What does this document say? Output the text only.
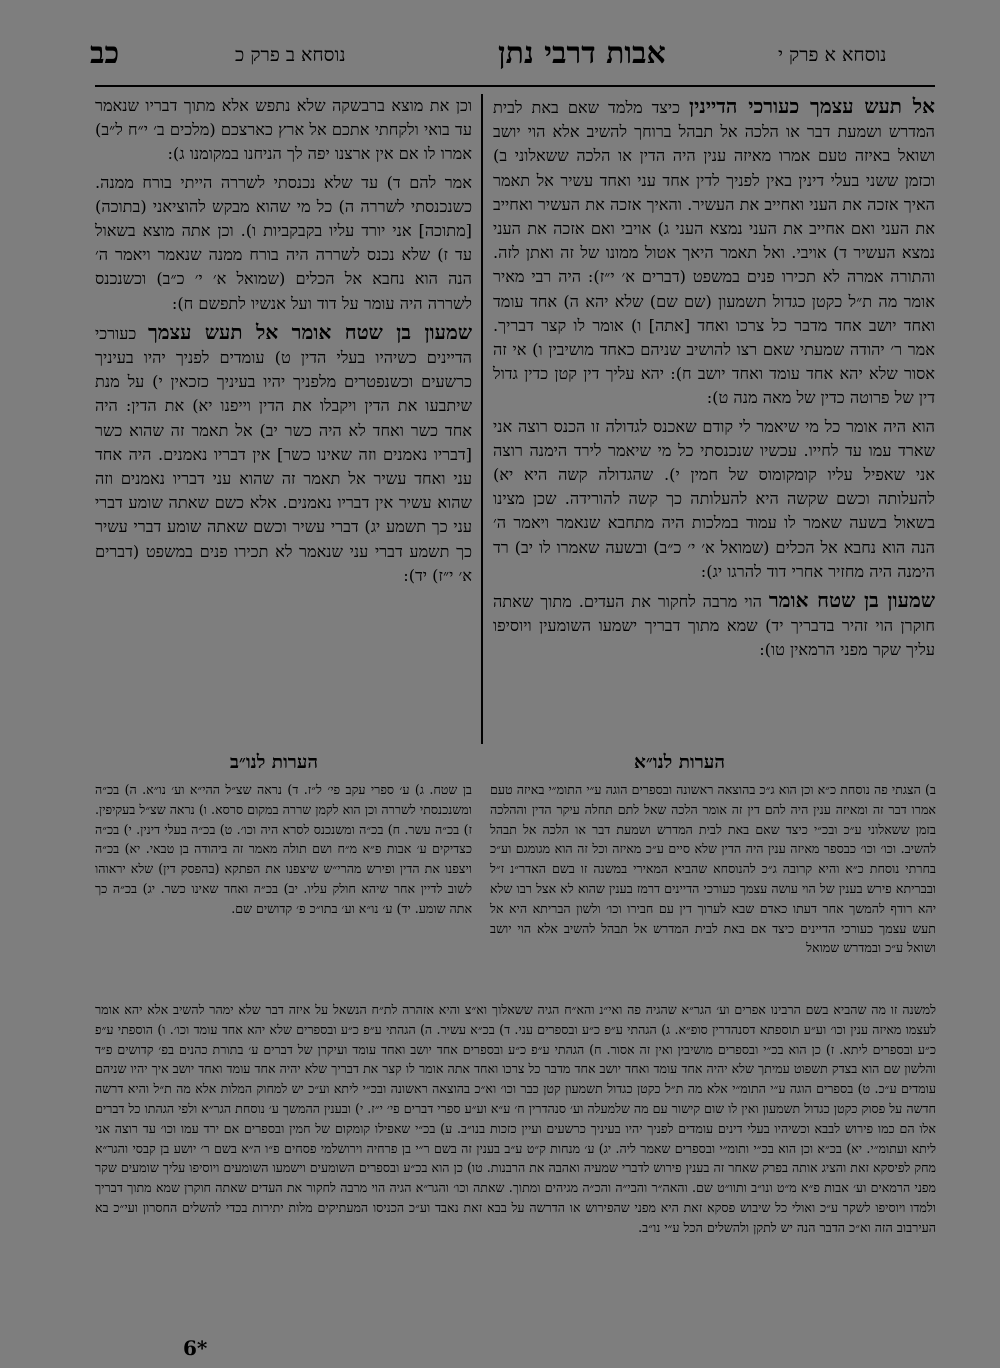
כב	נוסחא ב פרק כ	אבות דרבי נתן	נוסחא א פרק י

אל תעש עצמך כעורכי הדיינין כיצד מלמד שאם באת לבית המדרש ושמעת דבר או הלכה אל תבהל ברוחך להשיב אלא הוי יושב ושואל באיזה טעם אמרו מאיזה ענין היה הדין או הלכה ששאלוני ב) וכזמן ששני בעלי דינין באין לפניך לדין אחד עני ואחד עשיר אל תאמר האיך אזכה את העני ואחייב את העשיר. והאיך אזכה את העשיר ואחייב את העני ואם אחייב את העני נמצא העני ג) אויבי ואם אזכה את העני נמצא העשיר ד) אויבי. ואל תאמר היאך אטול ממונו של זה ואתן לזה. והתורה אמרה לא תכירו פנים במשפט (דברים א׳ י״ז): היה רבי מאיר אומר מה ת״ל כקטן כגדול תשמעון (שם שם) שלא יהא ה) אחד עומד ואחד יושב אחד מדבר כל צרכו ואחד [אתה] ו) אומר לו קצר דבריך. אמר ר׳ יהודה שמעתי שאם רצו להושיב שניהם כאחד מושיבין ו) אי זה אסור שלא יהא אחד עומד ואחד יושב ח): יהא עליך דין קטן כדין גדול דין של פרוטה כדין של מאה מנה ט):

הוא היה אומר כל מי שיאמר לי קודם שאכנס לגדולה זו הכנס רוצה אני שארד עמו עד לחייו. עכשיו שנכנסתי כל מי שיאמר לירד הימנה רוצה אני שאפיל עליו קומקומוס של חמין י). שהגדולה קשה היא יא) להעלותה וכשם שקשה היא להעלותה כך קשה להורידה. שכן מצינו בשאול בשעה שאמר לו עמוד במלכות היה מתחבא שנאמר ויאמר ה׳ הנה הוא נחבא אל הכלים (שמואל א׳ י׳ כ״ב) ובשעה שאמרו לו יב) רד הימנה היה מחזיר אחרי דוד להרגו יג):

שמעון בן שטח אומר הוי מרבה לחקור את העדים. מתוך שאתה חוקרן הוי זהיר בדבריך יד) שמא מתוך דבריך ישמעו השומעין ויוסיפו עליך שקר מפני הרמאין טו):

וכן את מוצא ברבשקה שלא נתפש אלא מתוך דבריו שנאמר עד בואי ולקחתי אתכם אל ארץ כארצכם (מלכים ב׳ י״ח ל״ב) אמרו לו אם אין ארצנו יפה לך הניחנו במקומנו ג):

אמר להם ד) עד שלא נכנסתי לשררה הייתי בורח ממנה. כשנכנסתי לשררה ה) כל מי שהוא מבקש להוציאני (בתוכה) [מתוכה] אני יורד עליו בקבקביות ו). וכן אתה מוצא בשאול עד ז) שלא נכנס לשררה היה בורח ממנה שנאמר ויאמר ה׳ הנה הוא נחבא אל הכלים (שמואל א׳ י׳ כ״ב) וכשנכנס לשררה היה עומר על דוד ועל אנשיו לתפשם ח):

שמעון בן שטח אומר אל תעש עצמך כעורכי הדיינים כשיהיו בעלי הדין ט) עומדים לפניך יהיו בעיניך כרשעים וכשנפטרים מלפניך יהיו בעיניך כזכאין י) על מנת שיתבעו את הדין ויקבלו את הדין וייפנו יא) את הדין: היה אחד כשר ואחד לא היה כשר יב) אל תאמר זה שהוא כשר [דבריו נאמנים וזה שאינו כשר] אין דבריו נאמנים. היה אחד עני ואחד עשיר אל תאמר זה שהוא עני דבריו נאמנים וזה שהוא עשיר אין דבריו נאמנים. אלא כשם שאתה שומע דברי עני כך תשמע יג) דברי עשיר וכשם שאתה שומע דברי עשיר כך תשמע דברי עני שנאמר לא תכירו פנים במשפט (דברים א׳ י״ז) יד):

הערות לנו״א
הערות לנו״ב

ב) הצגתי פה נוסחת כ״א וכן הוא ג״כ בהוצאה ראשונה ובספרים הוגה ע״י התומ״י באיזה טעם אמרו דבר זה ומאיזה ענין היה להם דין זה אומר הלכה שאל לתם תחלה עיקר הדין וההלכה בזמן ששאלוני ע״כ ובכ״י כיצד שאם באת לבית המדרש ושמעת דבר או הלכה אל תבהל להשיב. וכו׳ וכו׳ כבספר מאיזה ענין היה הדין שלא סיים ע״כ מאיזה וכל זה הוא מגומגם וע״כ בחרתי נוסחת כ״א והיא קרובה ג״כ להנוסחא שהביא המאירי במשנה זו בשם האדר״נ ז״ל ובבריתא פירש בענין של הוי עושה עצמך כעורכי הדיינים דרמז בענין שהוא לא אצל רבו שלא יהא רודף להמשך אחר דעתו כאדם שבא לערוך דין עם חבירו וכו׳ ולשון הבריתא היא אל תעש עצמך כעורכי הדיינים כיצד אם באת לבית המדרש אל תבהל להשיב אלא הוי יושב ושואל ע״כ ובמדרש שמואל

בן שטח. ג) ע׳ ספרי עקב פי׳ ל״ז. ד) נראה שצ״ל ההי״א וע׳ נו״א. ה) בכ״ה ומשנכנסתי לשררה וכן הוא לקמן שררה במקום סרסא. ו) נראה שצ״ל בעקיפין. ז) בכ״ה עשר. ח) בכ״ה ומשנכנס לסרא היה וכו׳. ט) בכ״ה בעלי דינין. י) בכ״ה כצדיקים ע׳ אבות פ״א מ״ח ושם תולה מאמר זה ביהודה בן טבאי. יא) בכ״ה ויצפנו את הדין ופירש מהרי״ש שיצפנו את הפתקא (בהפסק דין) שלא יראוהו לשוב לדיין אחר שיהא חולק עליו. יב) בכ״ה ואחד שאינו כשר. יג) בכ״ה כך אתה שומע. יד) ע׳ נו״א וע׳ בתו״כ פ׳ קדושים שם.

למשנה זו מה שהביא בשם הרבינו אפרים וע׳ הגר״א שהגיה פה ואי״נ והא״ח הגיה ששאלוך וא״צ והיא אזהרה לת״ח הנשאל על איזה דבר שלא ימהר להשיב אלא יהא אומר לעצמו מאיזה ענין וכו׳ וע״ע תוספתא דסנהדרין סופ״א. ג) הגהתי ע״פ כ״ע ובספרים עני. ד) בכ״א עשיר. ה) הגהתי ע״פ כ״ע ובספרים שלא יהא אחד עומד וכו׳. ו) הוספתי ע״פ כ״ע ובספרים ליתא. ז) כן הוא בכ״י ובספרים מושיבין ואין זה אסור. ח) הגהתי ע״פ כ״ע ובספרים אחד יושב ואחד עומד ועיקרן של דברים ע׳ בתורת כהנים בפ׳ קדושים פ״ד והלשון שם הוא בצדק תשפוט עמיתך שלא יהיה אחד עומד ואחד יושב אחד מדבר כל צרכו ואחד אתה אומר לו קצר את דבריך שלא יהיה אחד עומד ואחד יושב איך יהיו שניהם עומדים ע״כ. ט) בספרים הוגה ע״י התומ״י אלא מה ת״ל כקטן כגדול תשמעון קטן כבר וכו׳ וא״כ בהוצאה ראשונה ובכ״י ליתא וע״כ יש למחוק המלות אלא מה ת״ל והיא דרשה חדשה על פסוק כקטן כגדול תשמעון ואין לו שום קישור עם מה שלמעלה וע׳ סנהדרין ח׳ ע״א וע״ע ספרי דברים פי׳ י״ז. י) ובענין ההמשך ע׳ נוסחת הגר״א ולפי הגהתו כל דברים אלו הם כמו פירוש לבבא וכשיהיו בעלי דינים עומדים לפניך יהיו בעיניך כרשעים ועיין כזכות בנו״ב. ע) בכ״י שאפילו קומקום של חמין ובספרים אם ירד עמו וכו׳ עד רוצה אני ליתא ועתומ״י. יא) בכ״א וכן הוא בכ״י ותומ״י ובספרים שאמר ליה. יג) ע׳ מנחות ק״ט ע״ב בענין זה בשם ר״י בן פרחיה וירושלמי פסחים פ״ו ה״א בשם ר׳ יושע בן קבסי והגר״א מחק לפיסקא זאת והציג אותה בפרק שאחר זה בענין פירוש לדברי שמעיה ואהבה את הרבנות. טו) כן הוא בכ״ע ובספרים השומעים וישמעו השומעים ויוסיפו עליך שומעים שקר מפני הרמאים וע׳ אבות פ״א מ״ט ונו״ב ותוו״ט שם. והאה״ר והבי״ה והכ״ה מגיהים ומתוך. שאתה וכו׳ והגר״א הגיה הוי מרבה לחקור את העדים שאתה חוקרן שמא מתוך דבריך ולמדו ויוסיפו לשקר ע״כ ואולי כל שיבוש פסקא זאת היא מפני שהפירוש או הדרשה על בבא זאת נאבד וע״כ הכניסו המעתיקים מלות יתירות בכדי להשלים החסרון ועי״כ בא העירבוב הזה וא״כ הדבר הנה יש לתקן ולהשלים הכל ע״י נו״ב.

6*
